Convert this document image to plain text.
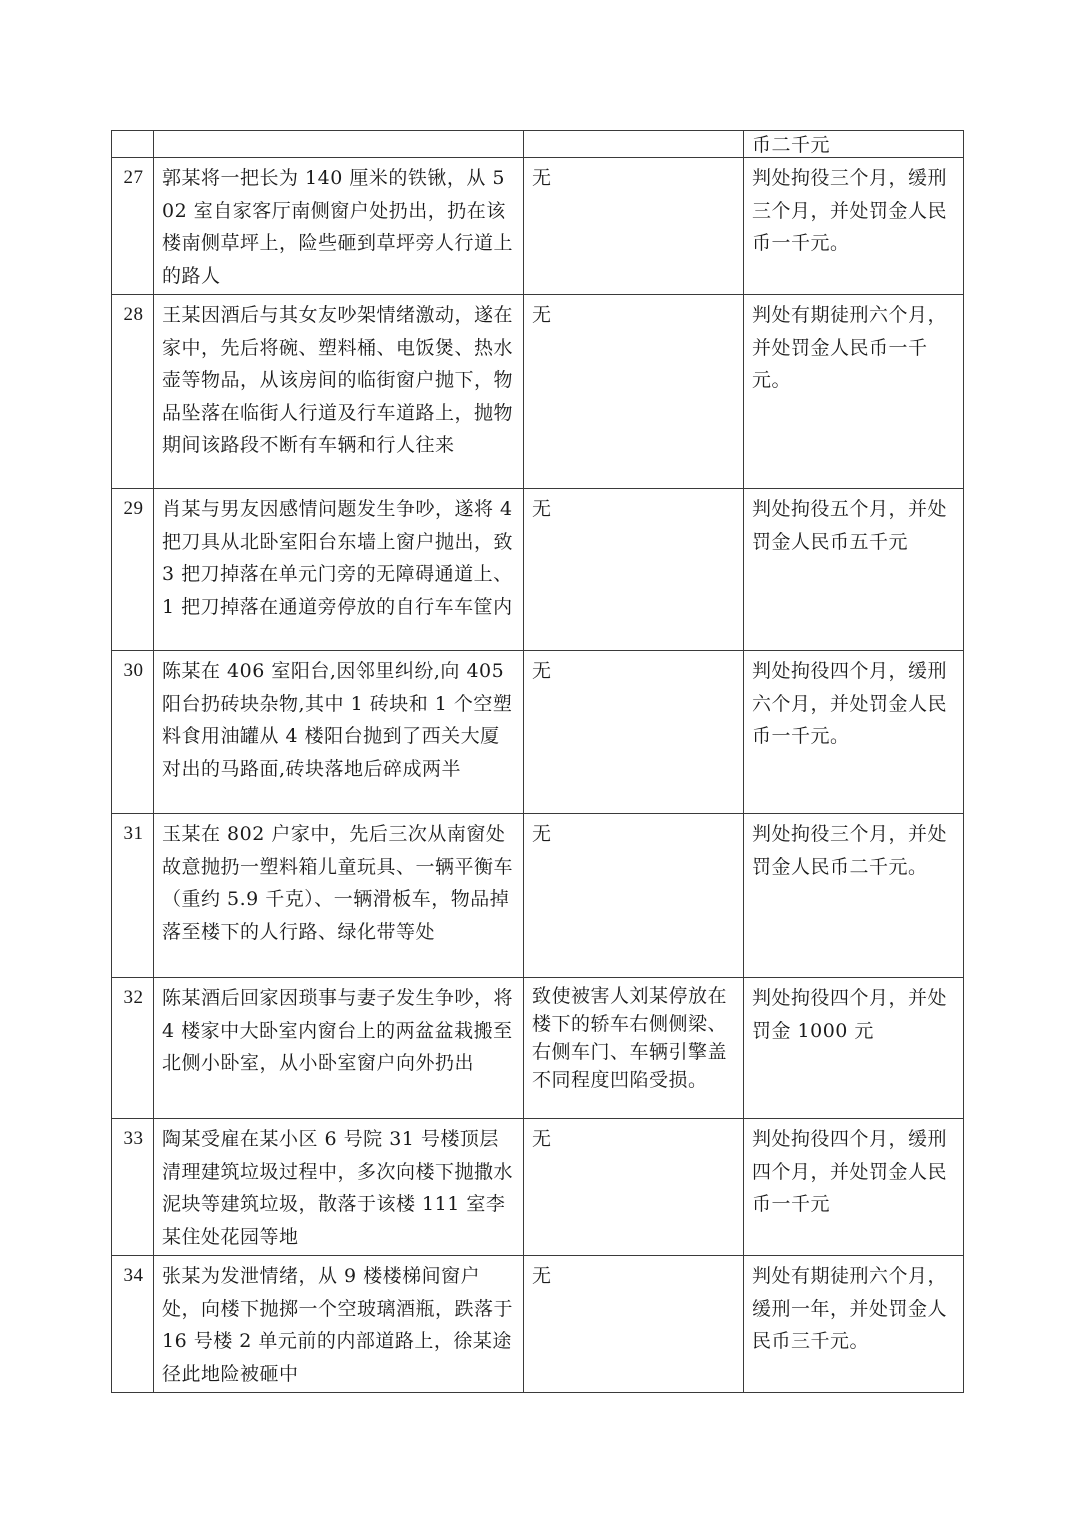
			币二千元
27	郭某将一把长为 140 厘米的铁锹，从 502 室自家客厅南侧窗户处扔出，扔在该楼南侧草坪上，险些砸到草坪旁人行道上的路人	无	判处拘役三个月，缓刑三个月，并处罚金人民币一千元。
28	王某因酒后与其女友吵架情绪激动，遂在家中，先后将碗、塑料桶、电饭煲、热水壶等物品，从该房间的临街窗户抛下，物品坠落在临街人行道及行车道路上，抛物期间该路段不断有车辆和行人往来	无	判处有期徒刑六个月，并处罚金人民币一千元。
29	肖某与男友因感情问题发生争吵，遂将 4 把刀具从北卧室阳台东墙上窗户抛出，致 3 把刀掉落在单元门旁的无障碍通道上、1 把刀掉落在通道旁停放的自行车车筐内	无	判处拘役五个月，并处罚金人民币五千元
30	陈某在 406 室阳台,因邻里纠纷,向 405 阳台扔砖块杂物,其中 1 砖块和 1 个空塑料食用油罐从 4 楼阳台抛到了西关大厦对出的马路面,砖块落地后碎成两半	无	判处拘役四个月，缓刑六个月，并处罚金人民币一千元。
31	玉某在 802 户家中，先后三次从南窗处故意抛扔一塑料箱儿童玩具、一辆平衡车（重约 5.9 千克）、一辆滑板车，物品掉落至楼下的人行路、绿化带等处	无	判处拘役三个月，并处罚金人民币二千元。
32	陈某酒后回家因琐事与妻子发生争吵，将 4 楼家中大卧室内窗台上的两盆盆栽搬至北侧小卧室，从小卧室窗户向外扔出	致使被害人刘某停放在楼下的轿车右侧侧梁、右侧车门、车辆引擎盖不同程度凹陷受损。	判处拘役四个月，并处罚金 1000 元
33	陶某受雇在某小区 6 号院 31 号楼顶层清理建筑垃圾过程中，多次向楼下抛撒水泥块等建筑垃圾，散落于该楼 111 室李某住处花园等地	无	判处拘役四个月，缓刑四个月，并处罚金人民币一千元
34	张某为发泄情绪，从 9 楼楼梯间窗户处，向楼下抛掷一个空玻璃酒瓶，跌落于 16 号楼 2 单元前的内部道路上，徐某途径此地险被砸中	无	判处有期徒刑六个月，缓刑一年，并处罚金人民币三千元。
